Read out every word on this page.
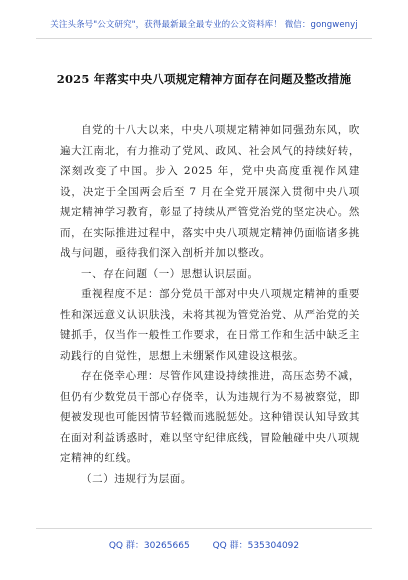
关注头条号"公文研究"，获得最新最全最专业的公文资料库！ 微信：gongwenyj
2025 年落实中央八项规定精神方面存在问题及整改措施

自党的十八大以来，中央八项规定精神如同强劲东风，吹遍大江南北，有力推动了党风、政风、社会风气的持续好转，深刻改变了中国。步入 2025 年，党中央高度重视作风建设，决定于全国两会后至 7 月在全党开展深入贯彻中央八项规定精神学习教育，彰显了持续从严管党治党的坚定决心。然而，在实际推进过程中，落实中央八项规定精神仍面临诸多挑战与问题，亟待我们深入剖析并加以整改。

一、存在问题（一）思想认识层面。

重视程度不足：部分党员干部对中央八项规定精神的重要性和深远意义认识肤浅，未将其视为管党治党、从严治党的关键抓手，仅当作一般性工作要求，在日常工作和生活中缺乏主动践行的自觉性，思想上未绷紧作风建设这根弦。

存在侥幸心理：尽管作风建设持续推进，高压态势不减，但仍有少数党员干部心存侥幸，认为违规行为不易被察觉，即便被发现也可能因情节轻微而逃脱惩处。这种错误认知导致其在面对利益诱惑时，难以坚守纪律底线，冒险触碰中央八项规定精神的红线。

（二）违规行为层面。

QQ 群：30265665	QQ 群：535304092
